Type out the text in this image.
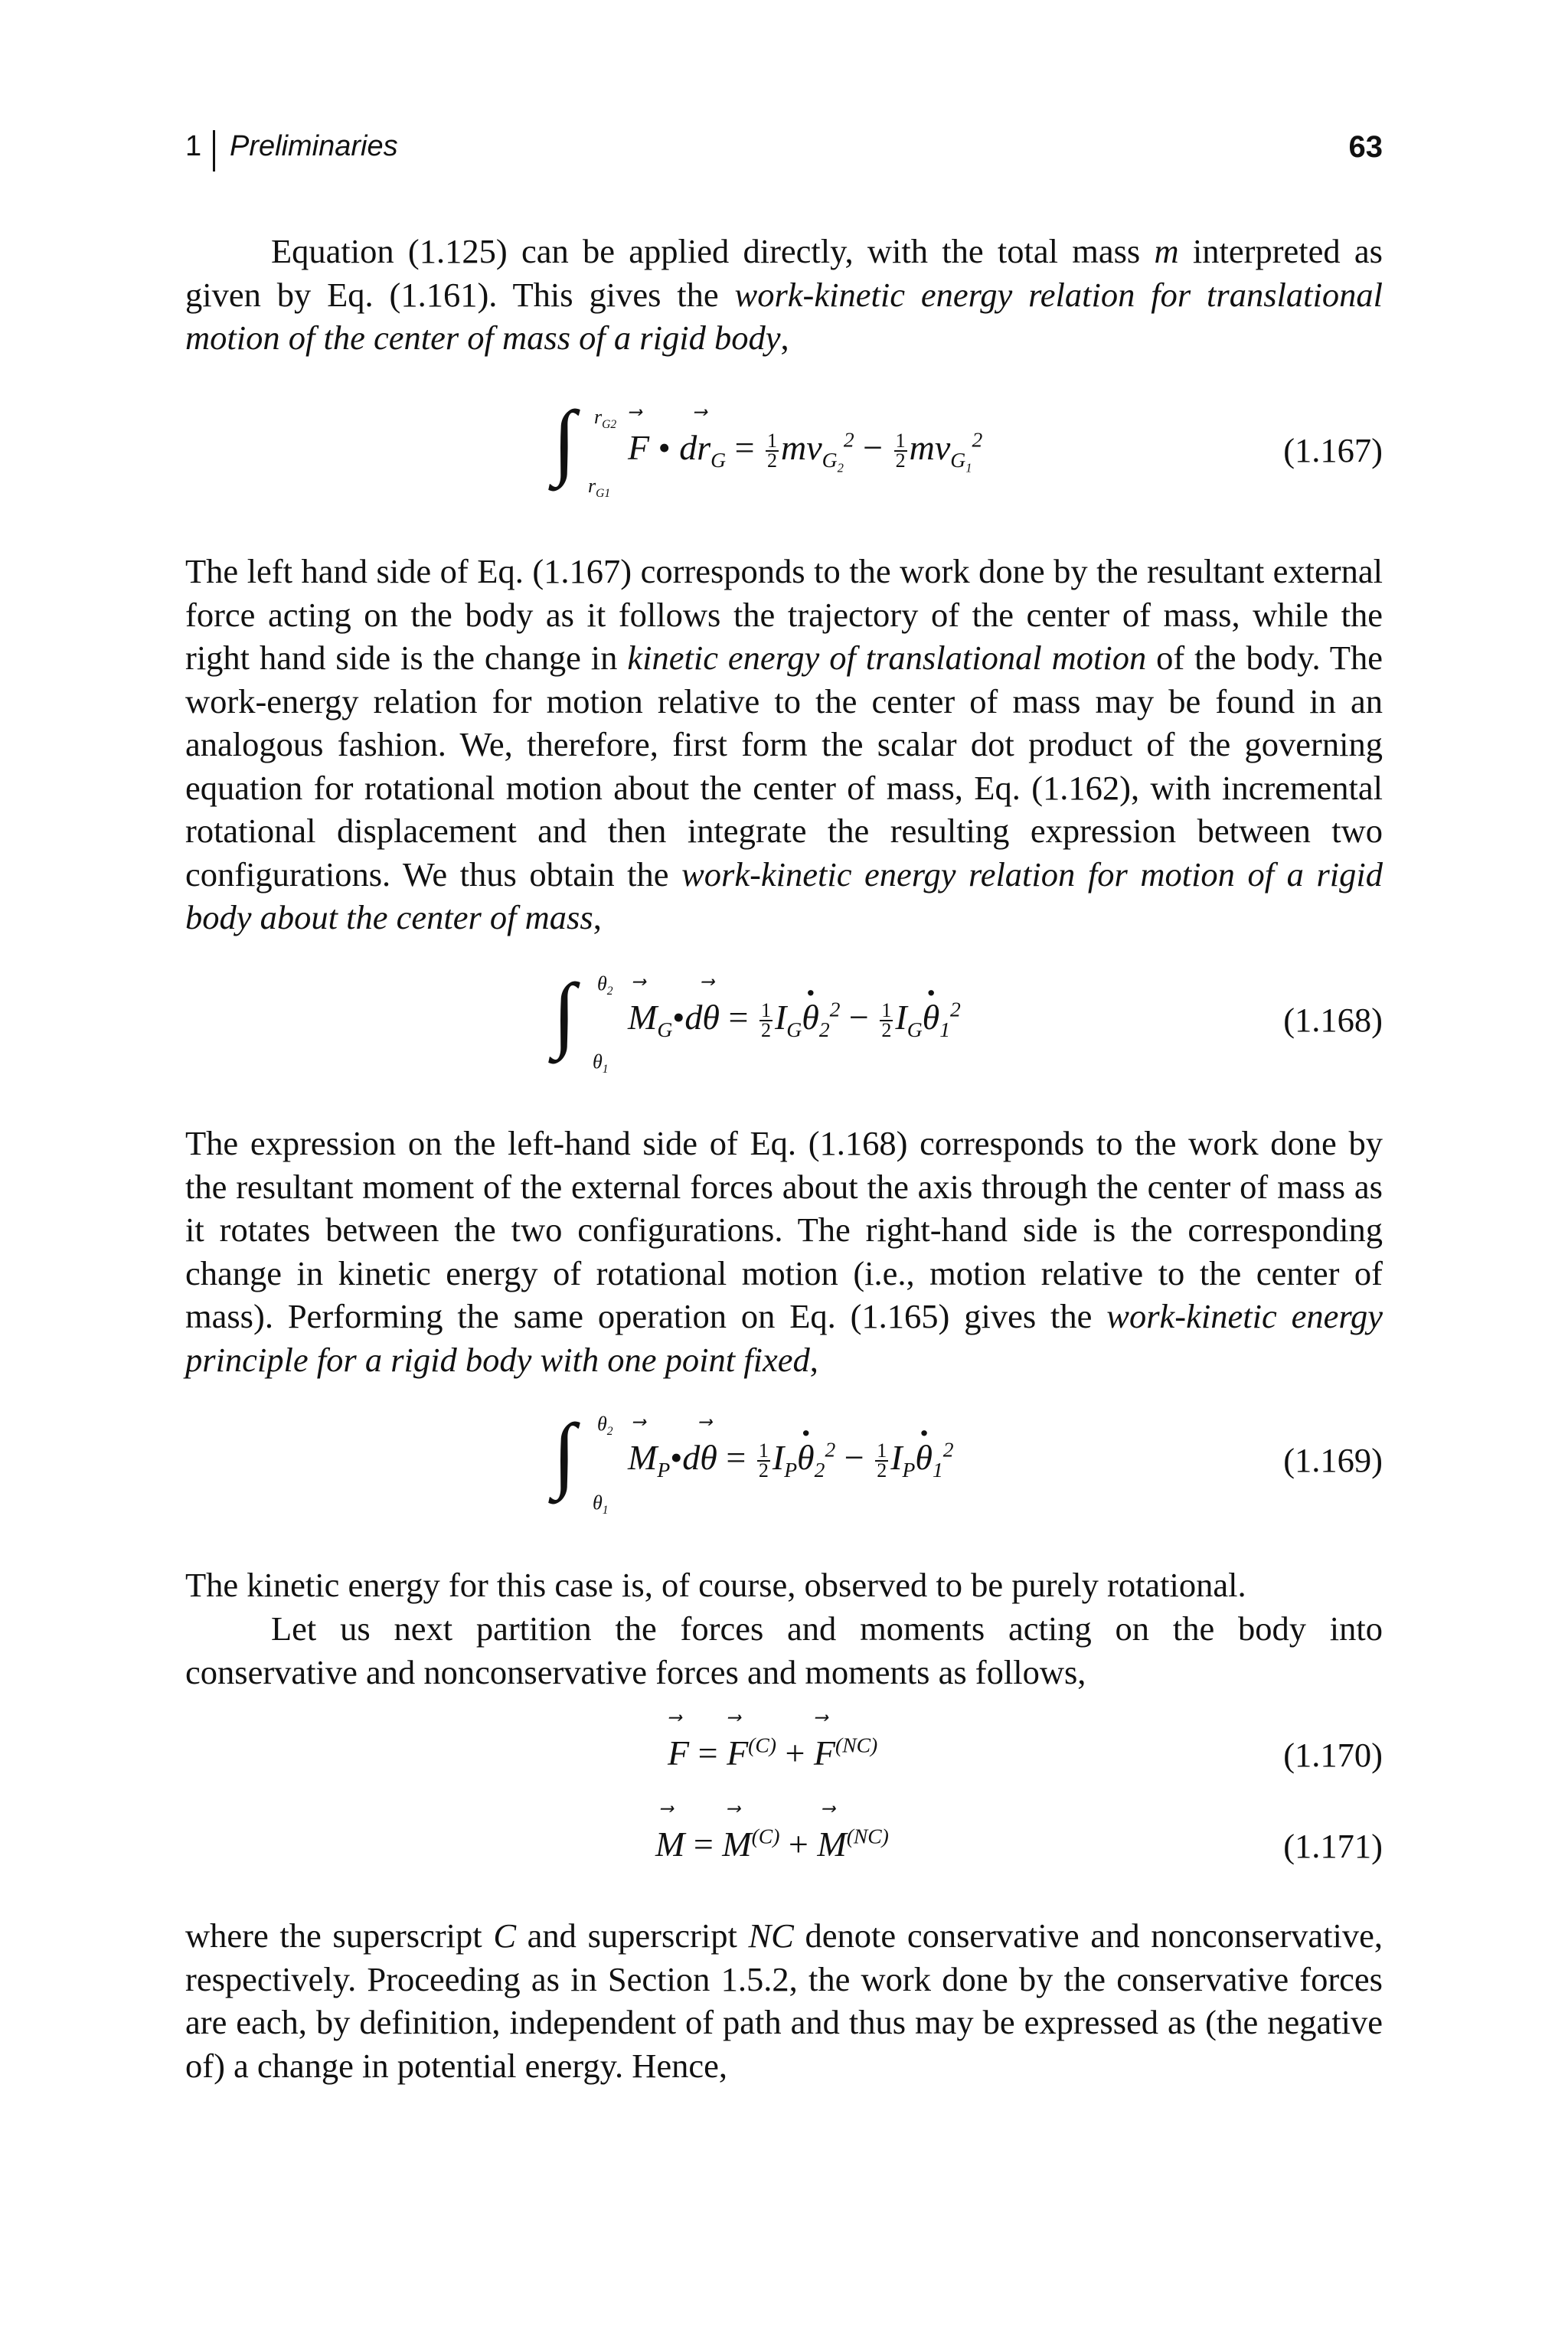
1 Preliminaries	63

Equation (1.125) can be applied directly, with the total mass m interpreted as given by Eq. (1.161). This gives the work-kinetic energy relation for translational motion of the center of mass of a rigid body,

∫ $r_{G2}$
$r_{G1}$
⃗ F • d⃗ $r_G = \frac{1}{2} mv_{G_2}^2 - \frac{1}{2} mv_{G_1}^2$	(1.167)

The left hand side of Eq. (1.167) corresponds to the work done by the resultant external force acting on the body as it follows the trajectory of the center of mass, while the right hand side is the change in kinetic energy of translational motion of the body. The work-energy relation for motion relative to the center of mass may be found in an analogous fashion. We, therefore, first form the scalar dot product of the governing equation for rotational motion about the center of mass, Eq. (1.162), with incremental rotational displacement and then integrate the resulting expression between two configurations. We thus obtain the work-kinetic energy relation for motion of a rigid body about the center of mass,

∫ $\theta_2$
$\theta_1$
⃗ $M_G•d⃗$ $\theta = \frac{1}{2} I_G\cdot \theta_2^2 - \frac{1}{2} I_G\cdot \theta_1^2$	(1.168)

The expression on the left-hand side of Eq. (1.168) corresponds to the work done by the resultant moment of the external forces about the axis through the center of mass as it rotates between the two configurations. The right-hand side is the corresponding change in kinetic energy of rotational motion (i.e., motion relative to the center of mass). Performing the same operation on Eq. (1.165) gives the work-kinetic energy principle for a rigid body with one point fixed,

∫ $\theta_2$
$\theta_1$
⃗ $M_P•d⃗$ $\theta = \frac{1}{2} I_P\cdot \theta_2^2 - \frac{1}{2} I_P\cdot \theta_1^2$	(1.169)

The kinetic energy for this case is, of course, observed to be purely rotational.

Let us next partition the forces and moments acting on the body into conservative and nonconservative forces and moments as follows,

⃗ F = ⃗ $F^{(C)}$ + ⃗ $F^{(NC)}$	(1.170)
⃗ M = ⃗ $M^{(C)}$ + ⃗ $M^{(NC)}$	(1.171)

where the superscript C and superscript NC denote conservative and nonconservative, respectively. Proceeding as in Section 1.5.2, the work done by the conservative forces are each, by definition, independent of path and thus may be expressed as (the negative of) a change in potential energy. Hence,
